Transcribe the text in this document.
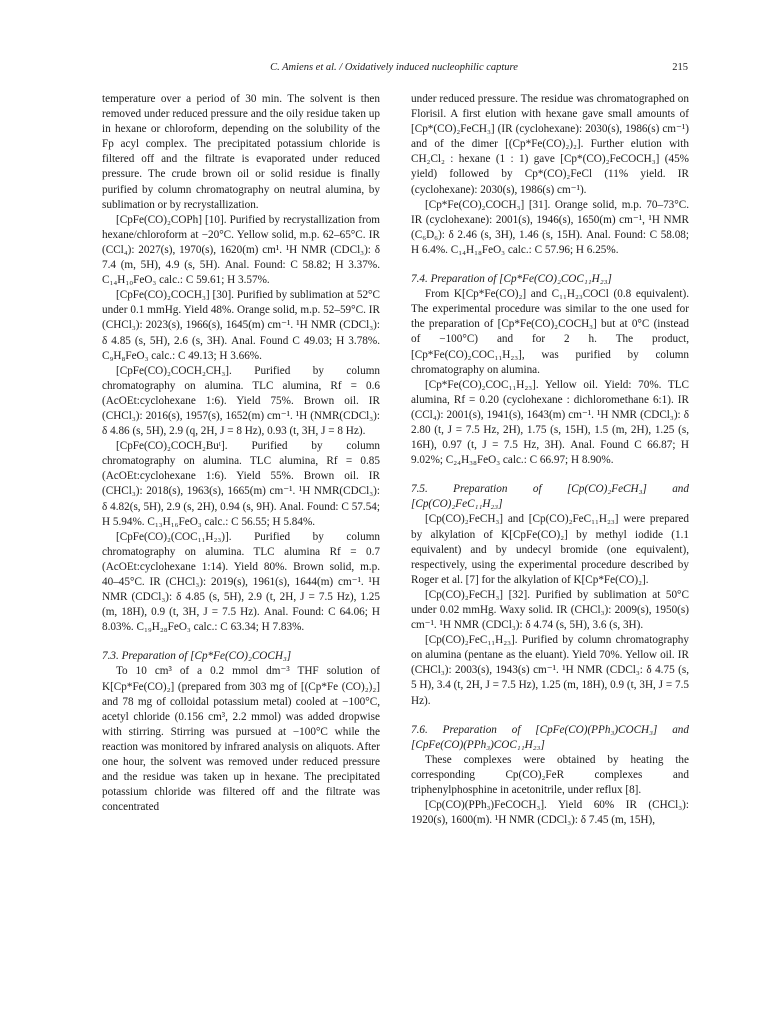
C. Amiens et al. / Oxidatively induced nucleophilic capture	215

temperature over a period of 30 min. The solvent is then removed under reduced pressure and the oily residue taken up in hexane or chloroform, depending on the solubility of the Fp acyl complex. The precipitated potassium chloride is filtered off and the filtrate is evaporated under reduced pressure. The crude brown oil or solid residue is finally purified by column chromatography on neutral alumina, by sublimation or by recrystallization.

[CpFe(CO)₂COPh] [10]. Purified by recrystallization from hexane/chloroform at −20°C. Yellow solid, m.p. 62–65°C. IR (CCl₄): 2027(s), 1970(s), 1620(m) cm¹. ¹H NMR (CDCl₃): δ 7.4 (m, 5H), 4.9 (s, 5H). Anal. Found: C 58.82; H 3.37%. C₁₄H₁₀FeO₃ calc.: C 59.61; H 3.57%.

[CpFe(CO)₂COCH₃] [30]. Purified by sublimation at 52°C under 0.1 mmHg. Yield 48%. Orange solid, m.p. 52–59°C. IR (CHCl₃): 2023(s), 1966(s), 1645(m) cm⁻¹. ¹H NMR (CDCl₃): δ 4.85 (s, 5H), 2.6 (s, 3H). Anal. Found C 49.03; H 3.78%. C₉H₈FeO₃ calc.: C 49.13; H 3.66%.

[CpFe(CO)₂COCH₂CH₃]. Purified by column chromatography on alumina. TLC alumina, Rf = 0.6 (AcOEt:cyclohexane 1:6). Yield 75%. Brown oil. IR (CHCl₃): 2016(s), 1957(s), 1652(m) cm⁻¹. ¹H (NMR(CDCl₃): δ 4.86 (s, 5H), 2.9 (q, 2H, J = 8 Hz), 0.93 (t, 3H, J = 8 Hz).

[CpFe(CO)₂COCH₂Buᵗ]. Purified by column chromatography on alumina. TLC alumina, Rf = 0.85 (AcOEt:cyclohexane 1:6). Yield 55%. Brown oil. IR (CHCl₃): 2018(s), 1963(s), 1665(m) cm⁻¹. ¹H NMR(CDCl₃): δ 4.82(s, 5H), 2.9 (s, 2H), 0.94 (s, 9H). Anal. Found: C 57.54; H 5.94%. C₁₃H₁₆FeO₃ calc.: C 56.55; H 5.84%.

[CpFe(CO)₂(COC₁₁H₂₃)]. Purified by column chromatography on alumina. TLC alumina Rf = 0.7 (AcOEt:cyclohexane 1:14). Yield 80%. Brown solid, m.p. 40–45°C. IR (CHCl₃): 2019(s), 1961(s), 1644(m) cm⁻¹. ¹H NMR (CDCl₃): δ 4.85 (s, 5H), 2.9 (t, 2H, J = 7.5 Hz), 1.25 (m, 18H), 0.9 (t, 3H, J = 7.5 Hz). Anal. Found: C 64.06; H 8.03%. C₁₉H₂₈FeO₃ calc.: C 63.34; H 7.83%.

7.3. Preparation of [Cp*Fe(CO)₂COCH₃]

To 10 cm³ of a 0.2 mmol dm⁻³ THF solution of K[Cp*Fe(CO)₂] (prepared from 303 mg of [(Cp*Fe (CO)₂)₂] and 78 mg of colloidal potassium metal) cooled at −100°C, acetyl chloride (0.156 cm³, 2.2 mmol) was added dropwise with stirring. Stirring was pursued at −100°C while the reaction was monitored by infrared analysis on aliquots. After one hour, the solvent was removed under reduced pressure and the residue was taken up in hexane. The precipitated potassium chloride was filtered off and the filtrate was concentrated

under reduced pressure. The residue was chromatographed on Florisil. A first elution with hexane gave small amounts of [Cp*(CO)₂FeCH₃] (IR (cyclohexane): 2030(s), 1986(s) cm⁻¹) and of the dimer [(Cp*Fe(CO)₂)₂]. Further elution with CH₂Cl₂ : hexane (1 : 1) gave [Cp*(CO)₂FeCOCH₃] (45% yield) followed by Cp*(CO)₂FeCl (11% yield. IR (cyclohexane): 2030(s), 1986(s) cm⁻¹).

[Cp*Fe(CO)₂COCH₃] [31]. Orange solid, m.p. 70–73°C. IR (cyclohexane): 2001(s), 1946(s), 1650(m) cm⁻¹, ¹H NMR (C₆D₆): δ 2.46 (s, 3H), 1.46 (s, 15H). Anal. Found: C 58.08; H 6.4%. C₁₄H₁₈FeO₃ calc.: C 57.96; H 6.25%.

7.4. Preparation of [Cp*Fe(CO)₂COC₁₁H₂₃]

From K[Cp*Fe(CO)₂] and C₁₁H₂₃COCl (0.8 equivalent). The experimental procedure was similar to the one used for the preparation of [Cp*Fe(CO)₂COCH₃] but at 0°C (instead of −100°C) and for 2 h. The product, [Cp*Fe(CO)₂COC₁₁H₂₃], was purified by column chromatography on alumina.

[Cp*Fe(CO)₂COC₁₁H₂₃]. Yellow oil. Yield: 70%. TLC alumina, Rf = 0.20 (cyclohexane : dichloromethane 6:1). IR (CCl₄): 2001(s), 1941(s), 1643(m) cm⁻¹. ¹H NMR (CDCl₃): δ 2.80 (t, J = 7.5 Hz, 2H), 1.75 (s, 15H), 1.5 (m, 2H), 1.25 (s, 16H), 0.97 (t, J = 7.5 Hz, 3H). Anal. Found C 66.87; H 9.02%; C₂₄H₃₈FeO₃ calc.: C 66.97; H 8.90%.

7.5. Preparation of [Cp(CO)₂FeCH₃] and [Cp(CO)₂FeC₁₁H₂₃]

[Cp(CO)₂FeCH₃] and [Cp(CO)₂FeC₁₁H₂₃] were prepared by alkylation of K[CpFe(CO)₂] by methyl iodide (1.1 equivalent) and by undecyl bromide (one equivalent), respectively, using the experimental procedure described by Roger et al. [7] for the alkylation of K[Cp*Fe(CO)₂].

[Cp(CO)₂FeCH₃] [32]. Purified by sublimation at 50°C under 0.02 mmHg. Waxy solid. IR (CHCl₃): 2009(s), 1950(s) cm⁻¹. ¹H NMR (CDCl₃): δ 4.74 (s, 5H), 3.6 (s, 3H).

[Cp(CO)₂FeC₁₁H₂₃]. Purified by column chromatography on alumina (pentane as the eluant). Yield 70%. Yellow oil. IR (CHCl₃): 2003(s), 1943(s) cm⁻¹. ¹H NMR (CDCl₃: δ 4.75 (s, 5 H), 3.4 (t, 2H, J = 7.5 Hz), 1.25 (m, 18H), 0.9 (t, 3H, J = 7.5 Hz).

7.6. Preparation of [CpFe(CO)(PPh₃)COCH₃] and [CpFe(CO)(PPh₃)COC₁₁H₂₃]

These complexes were obtained by heating the corresponding Cp(CO)₂FeR complexes and triphenylphosphine in acetonitrile, under reflux [8].

[Cp(CO)(PPh₃)FeCOCH₃]. Yield 60% IR (CHCl₃): 1920(s), 1600(m). ¹H NMR (CDCl₃): δ 7.45 (m, 15H),
